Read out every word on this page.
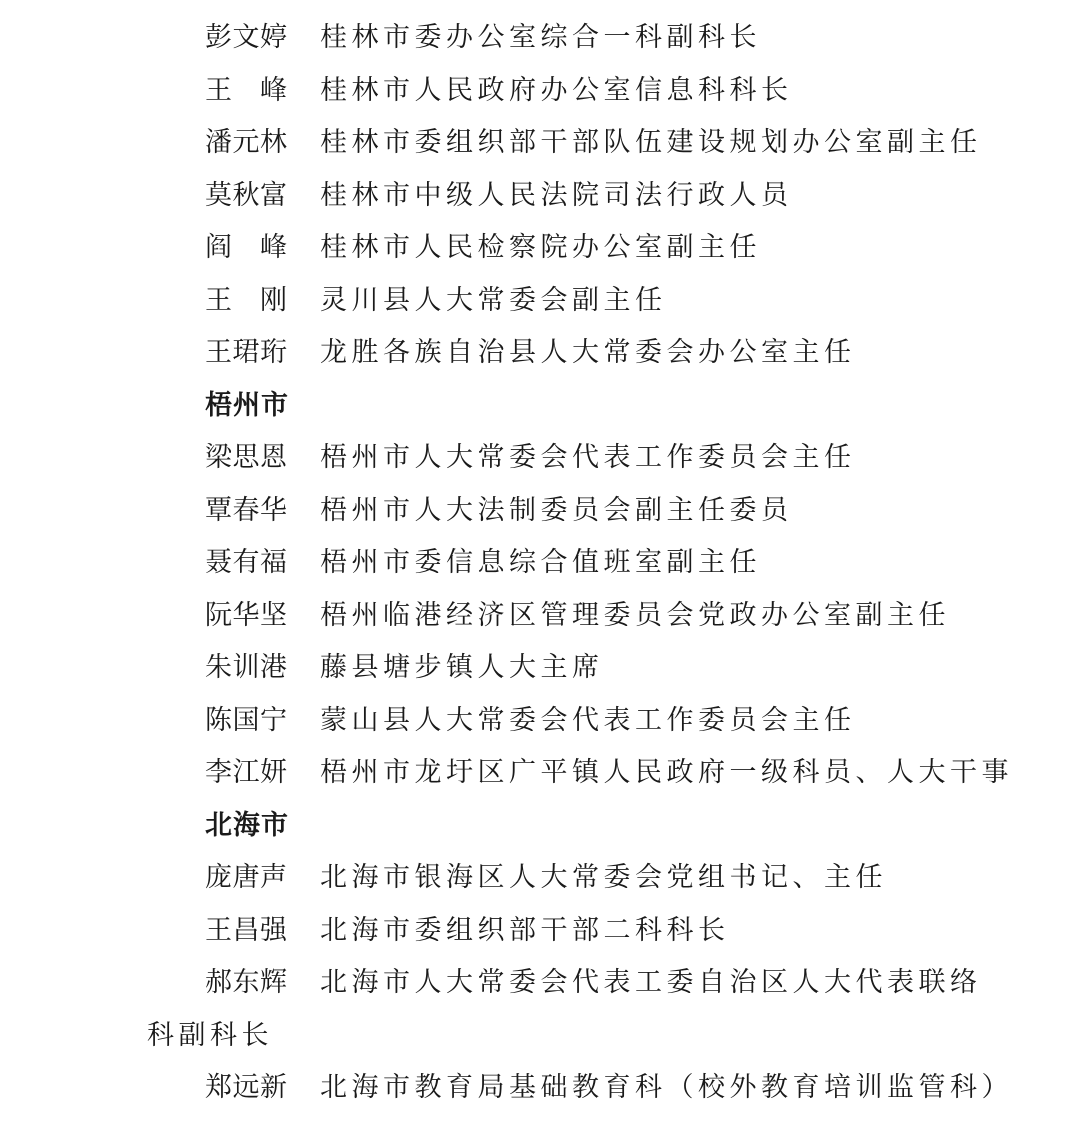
彭文婷 桂林市委办公室综合一科副科长
王　峰 桂林市人民政府办公室信息科科长
潘元林 桂林市委组织部干部队伍建设规划办公室副主任
莫秋富 桂林市中级人民法院司法行政人员
阎　峰 桂林市人民检察院办公室副主任
王　刚 灵川县人大常委会副主任
王珺珩 龙胜各族自治县人大常委会办公室主任
梧州市
梁思恩 梧州市人大常委会代表工作委员会主任
覃春华 梧州市人大法制委员会副主任委员
聂有福 梧州市委信息综合值班室副主任
阮华坚 梧州临港经济区管理委员会党政办公室副主任
朱训港 藤县塘步镇人大主席
陈国宁 蒙山县人大常委会代表工作委员会主任
李江妍 梧州市龙圩区广平镇人民政府一级科员、人大干事
北海市
庞唐声 北海市银海区人大常委会党组书记、主任
王昌强 北海市委组织部干部二科科长
郝东辉 北海市人大常委会代表工委自治区人大代表联络
科副科长
郑远新 北海市教育局基础教育科（校外教育培训监管科）
